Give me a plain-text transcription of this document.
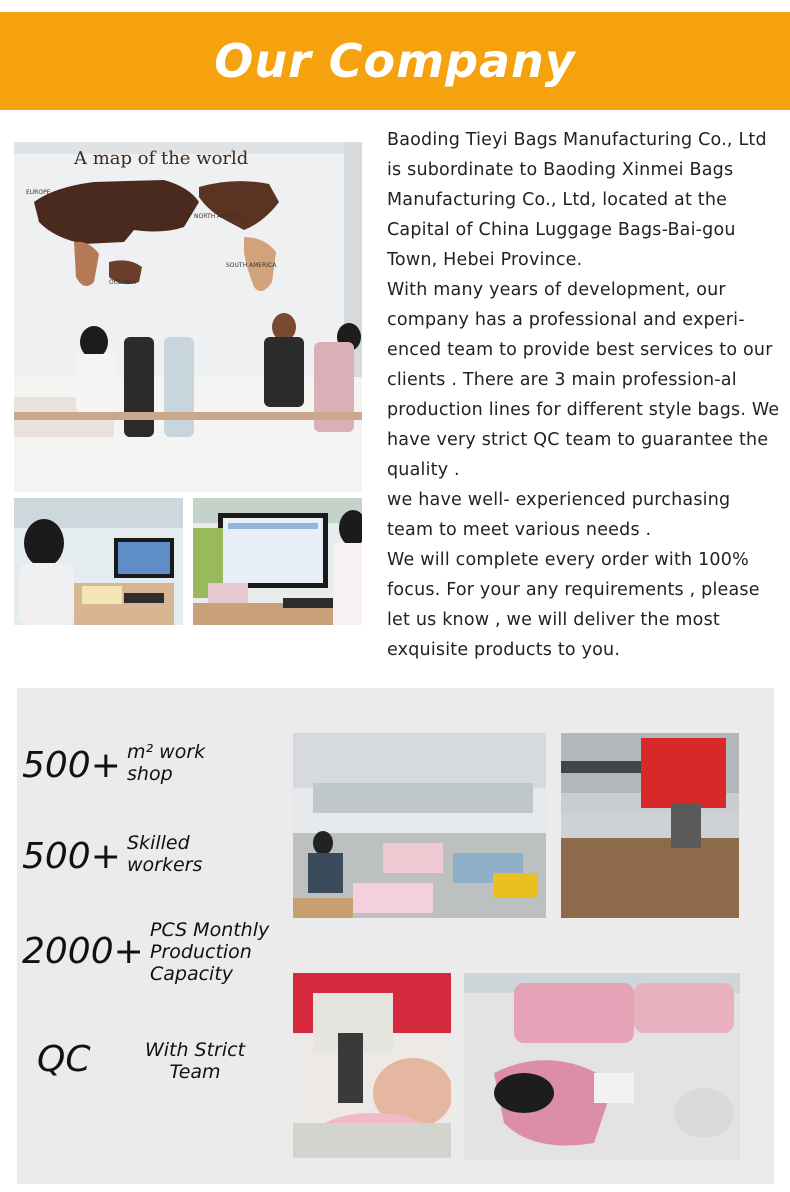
Our Company
A map of the world
EUROPE
ASIA
NORTH AMERICA
OCEANIA
SOUTH AMERICA

Baoding Tieyi Bags Manufacturing Co., Ltd is subordinate to Baoding Xinmei Bags Manufacturing Co., Ltd, located at the Capital of China Luggage Bags-Bai-gou Town, Hebei Province.

With many years of development, our company has a professional and experi-enced team to provide best services to our clients . There are 3 main profession-al production lines for different style bags. We have very strict QC team to guarantee the quality .

we have well- experienced purchasing team to meet various needs .

We will complete every order with 100% focus. For your any requirements , please let us know , we will deliver the most exquisite products to you.

500+ m² work shop
500+ Skilled workers
2000+
PCS Monthly Production Capacity
QC	With Strict Team
